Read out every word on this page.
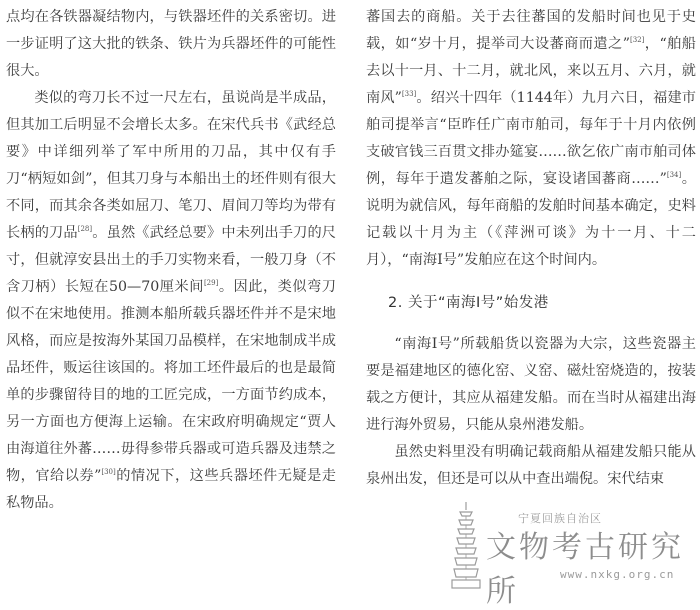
点均在各铁器凝结物内，与铁器坯件的关系密切。进一步证明了这大批的铁条、铁片为兵器坯件的可能性很大。

类似的弯刀长不过一尺左右，虽说尚是半成品，但其加工后明显不会增长太多。在宋代兵书《武经总要》中详细列举了军中所用的刀品，其中仅有手刀“柄短如剑”，但其刀身与本船出土的坯件则有很大不同，而其余各类如屈刀、笔刀、眉间刀等均为带有长柄的刀品[28]。虽然《武经总要》中未列出手刀的尺寸，但就淳安县出土的手刀实物来看，一般刀身（不含刀柄）长短在50—70厘米间[29]。因此，类似弯刀似不在宋地使用。推测本船所载兵器坯件并不是宋地风格，而应是按海外某国刀品模样，在宋地制成半成品坯件，贩运往该国的。将加工坯件最后的也是最简单的步骤留待目的地的工匠完成，一方面节约成本，另一方面也方便海上运输。在宋政府明确规定“贾人由海道往外蕃……毋得参带兵器或可造兵器及违禁之物，官给以券”[30]的情况下，这些兵器坯件无疑是走私物品。

蕃国去的商船。关于去往蕃国的发船时间也见于史载，如“岁十月，提举司大设蕃商而遣之”[32]，“舶船去以十一月、十二月，就北风，来以五月、六月，就南风”[33]。绍兴十四年（1144年）九月六日，福建市舶司提举言“臣昨任广南市舶司，每年于十月内依例支破官钱三百贯文排办筵宴……欲乞依广南市舶司体例，每年于遣发蕃舶之际，宴设诸国蕃商……”[34]。说明为就信风，每年商船的发舶时间基本确定，史料记载以十月为主（《萍洲可谈》为十一月、十二月），“南海Ⅰ号”发舶应在这个时间内。

2. 关于“南海Ⅰ号”始发港

“南海Ⅰ号”所载船货以瓷器为大宗，这些瓷器主要是福建地区的德化窑、义窑、磁灶窑烧造的，按装载之方便计，其应从福建发船。而在当时从福建出海进行海外贸易，只能从泉州港发船。

虽然史料里没有明确记载商船从福建发船只能从泉州出发，但还是可以从中查出端倪。宋代结束

宁夏回族自治区
文物考古研究所	www.nxkg.org.cn
